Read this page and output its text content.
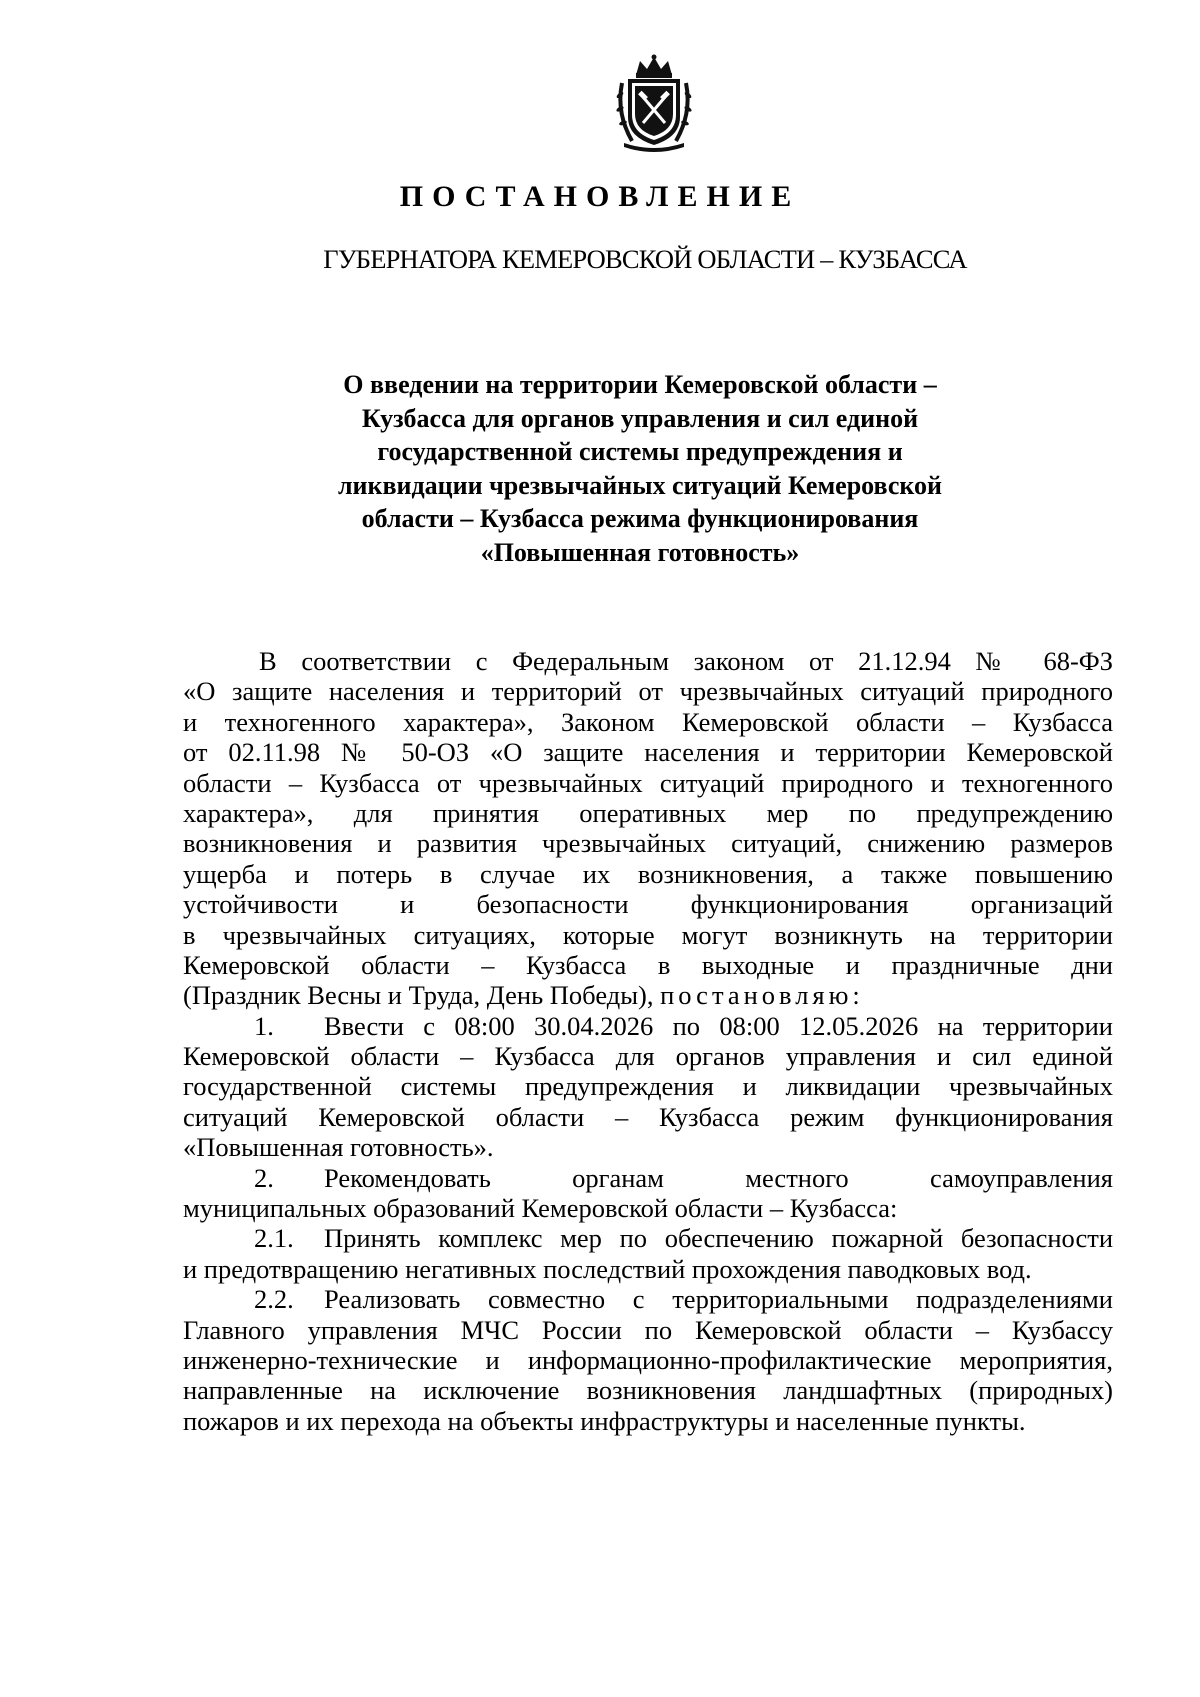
ПОСТАНОВЛЕНИЕ
ГУБЕРНАТОРА КЕМЕРОВСКОЙ ОБЛАСТИ – КУЗБАССА
О введении на территории Кемеровской области –
Кузбасса для органов управления и сил единой
государственной системы предупреждения и
ликвидации чрезвычайных ситуаций Кемеровской
области – Кузбасса режима функционирования
«Повышенная готовность»
В соответствии с Федеральным законом от 21.12.94 № 68-ФЗ
«О защите населения и территорий от чрезвычайных ситуаций природного
и техногенного характера», Законом Кемеровской области – Кузбасса
от 02.11.98 № 50-ОЗ «О защите населения и территории Кемеровской
области – Кузбасса от чрезвычайных ситуаций природного и техногенного
характера», для принятия оперативных мер по предупреждению
возникновения и развития чрезвычайных ситуаций, снижению размеров
ущерба и потерь в случае их возникновения, а также повышению
устойчивости и безопасности функционирования организаций
в чрезвычайных ситуациях, которые могут возникнуть на территории
Кемеровской области – Кузбасса в выходные и праздничные дни
(Праздник Весны и Труда, День Победы), постановляю:
1. Ввести с 08:00 30.04.2026 по 08:00 12.05.2026 на территории
Кемеровской области – Кузбасса для органов управления и сил единой
государственной системы предупреждения и ликвидации чрезвычайных
ситуаций Кемеровской области – Кузбасса режим функционирования
«Повышенная готовность».
2. Рекомендовать органам местного самоуправления
муниципальных образований Кемеровской области – Кузбасса:
2.1. Принять комплекс мер по обеспечению пожарной безопасности
и предотвращению негативных последствий прохождения паводковых вод.
2.2. Реализовать совместно с территориальными подразделениями
Главного управления МЧС России по Кемеровской области – Кузбассу
инженерно-технические и информационно-профилактические мероприятия,
направленные на исключение возникновения ландшафтных (природных)
пожаров и их перехода на объекты инфраструктуры и населенные пункты.
